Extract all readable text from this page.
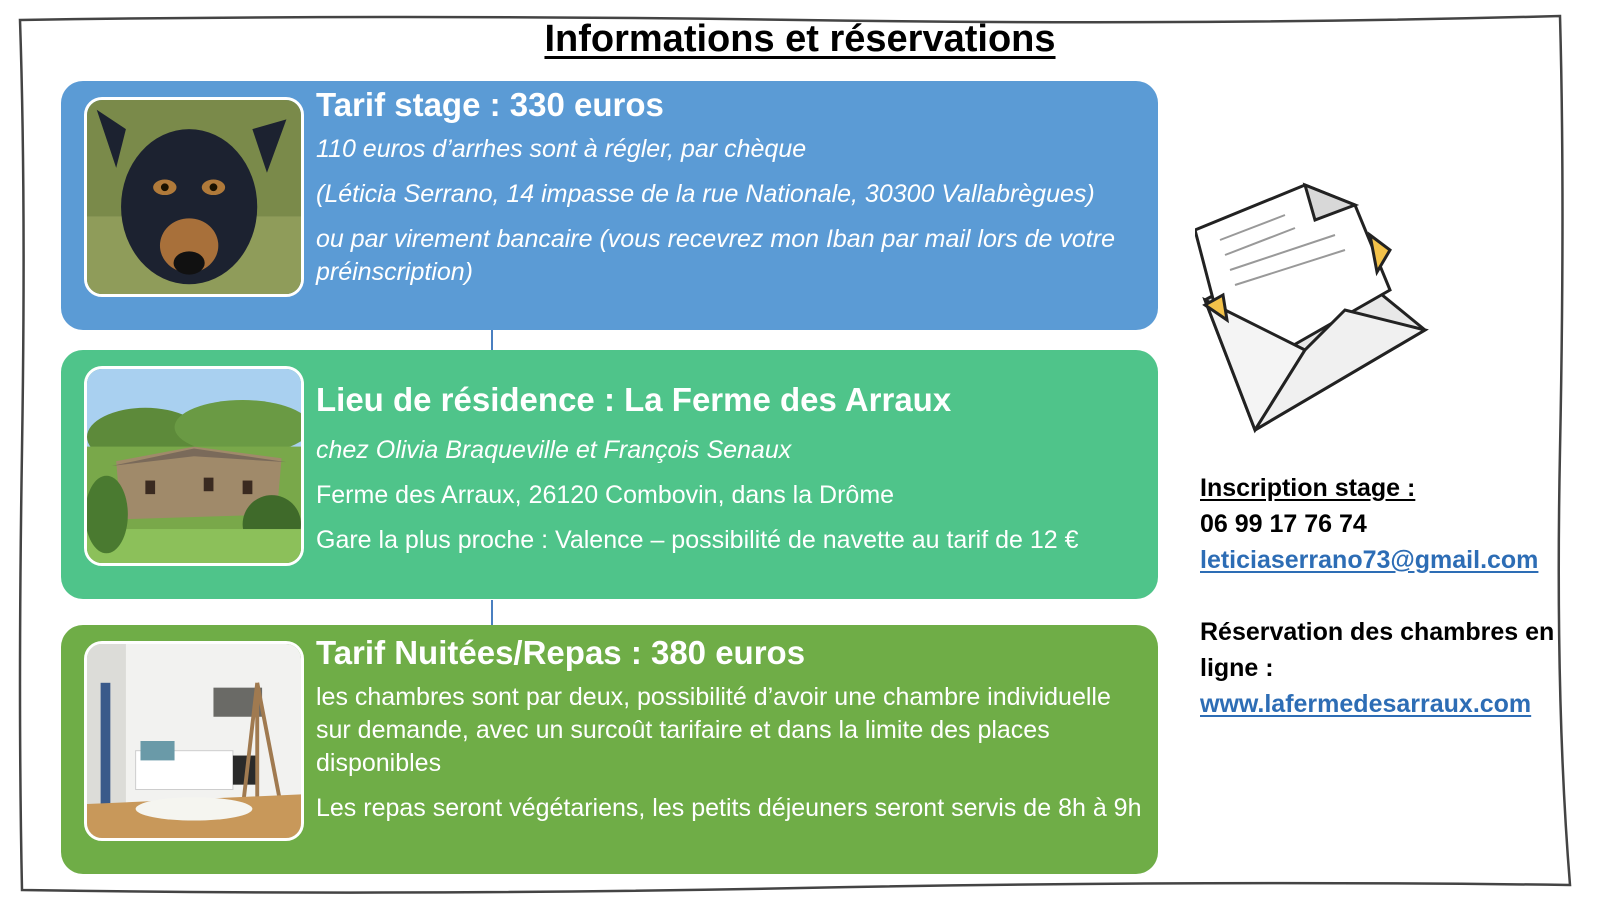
Informations et réservations
Tarif stage : 330 euros
110 euros d’arrhes sont à régler, par chèque
(Léticia Serrano, 14 impasse de la rue Nationale, 30300 Vallabrègues)
ou par virement bancaire (vous recevrez mon Iban par mail lors de votre préinscription)
Lieu de résidence : La Ferme des Arraux
chez Olivia Braqueville et François Senaux
Ferme des Arraux, 26120 Combovin, dans la Drôme
Gare la plus proche : Valence – possibilité de navette au tarif de 12 €
Tarif Nuitées/Repas : 380 euros
les chambres sont par deux, possibilité d’avoir une chambre individuelle sur demande, avec un surcoût tarifaire et dans la limite des places disponibles
Les repas seront végétariens, les petits déjeuners seront servis de 8h à 9h
Inscription stage :
06 99 17 76 74
leticiaserrano73@gmail.com
Réservation des chambres en ligne :
www.lafermedesarraux.com
